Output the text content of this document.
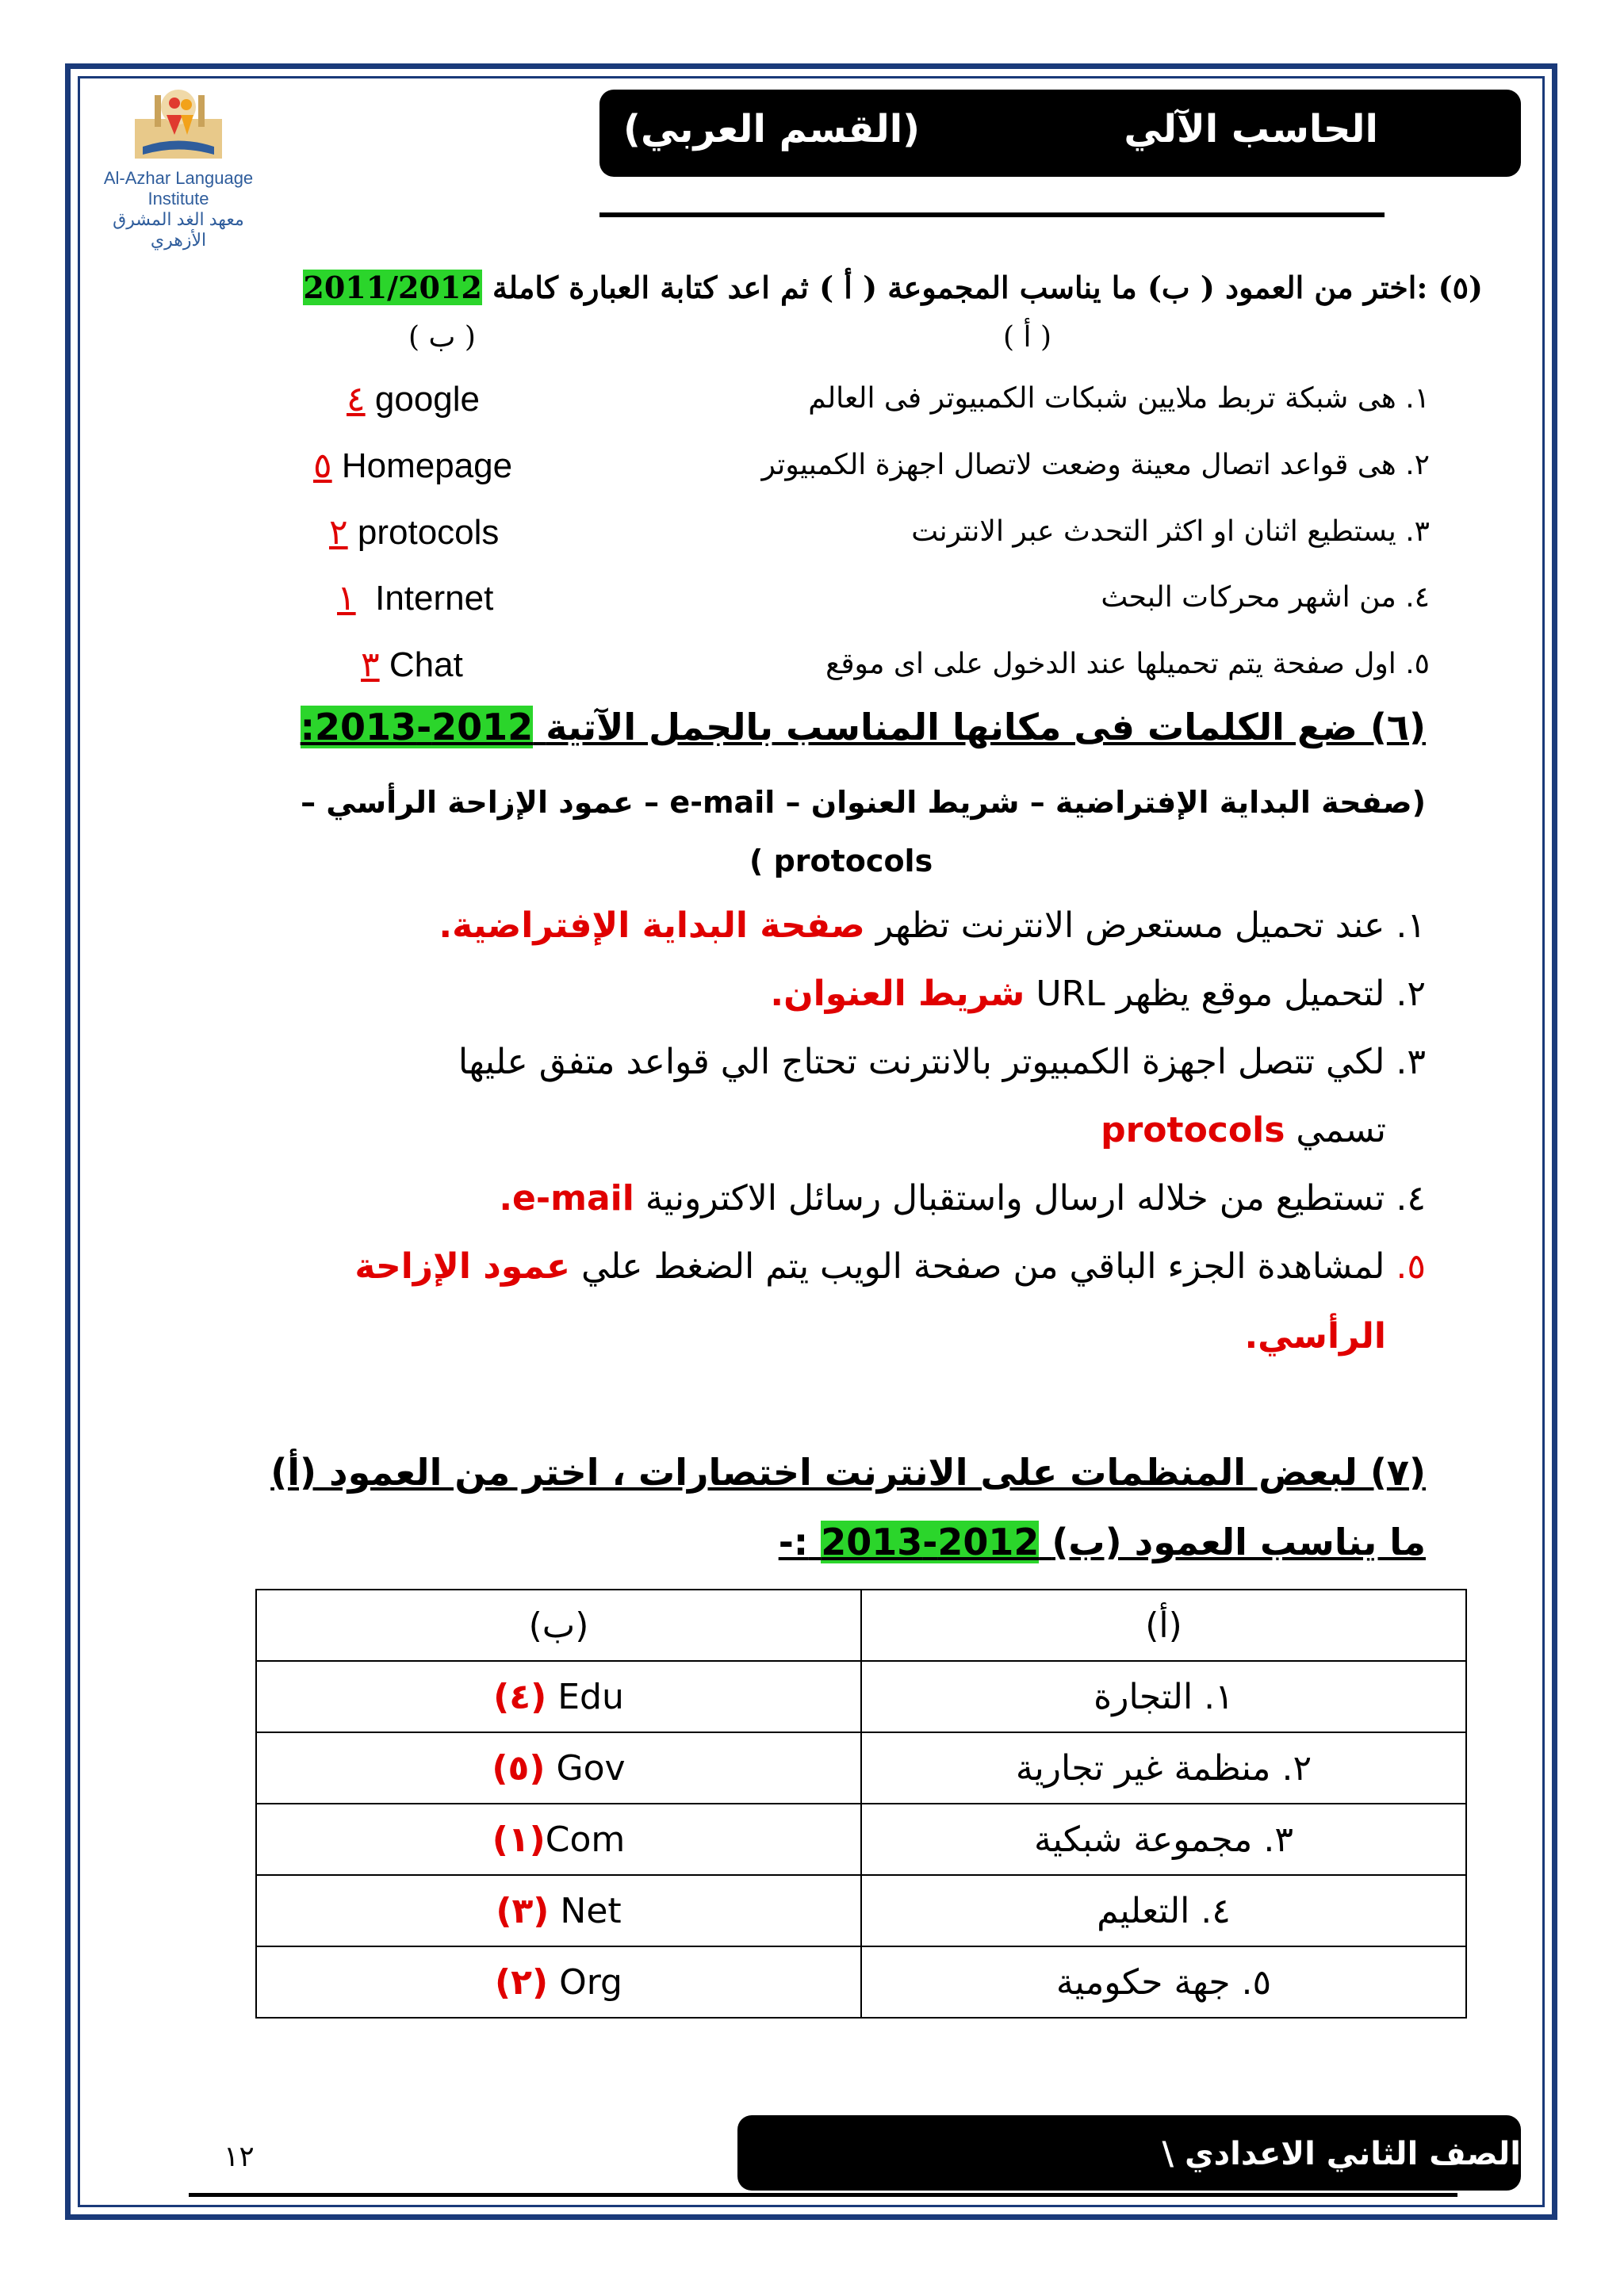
Al-Azhar Language Institute
معهد الغد المشرق الأزهري
الحاسب الآلي
(القسم العربي)
(٥) :اختر من العمود ( ب) ما يناسب المجموعة ( أ ) ثم اعد كتابة العبارة كاملة 2011/2012
( أ )
( ب )
١. هى شبكة تربط ملايين شبكات الكمبيوتر فى العالم
٤ google
٢. هى قواعد اتصال معينة وضعت لاتصال اجهزة الكمبيوتر
٥ Homepage
٣. يستطيع اثنان او اكثر التحدث عبر الانترنت
٢ protocols
٤. من اشهر محركات البحث
١ Internet
٥. اول صفحة يتم تحميلها عند الدخول على اى موقع
٣ Chat
(٦) ضع الكلمات فى مكانها المناسب بالجمل الآتية 2012-2013:
(صفحة البداية الإفتراضية – شريط العنوان – e-mail – عمود الإزاحة الرأسي –
( protocols
١. عند تحميل مستعرض الانترنت تظهر صفحة البداية الإفتراضية.
٢. لتحميل موقع يظهر URL شريط العنوان.
٣. لكي تتصل اجهزة الكمبيوتر بالانترنت تحتاج الي قواعد متفق عليها
تسمي protocols
٤. تستطيع من خلاله ارسال واستقبال رسائل الاكترونية e-mail.
٥. لمشاهدة الجزء الباقي من صفحة الويب يتم الضغط علي عمود الإزاحة
الرأسي.
(٧) لبعض المنظمات على الانترنت اختصارات ، اختر من العمود (أ)
ما يناسب العمود (ب) 2012-2013 :-
(ب)	(أ)
(٤) Edu	١. التجارة
(٥) Gov	٢. منظمة غير تجارية
(١)Com	٣. مجموعة شبكية
(٣) Net	٤. التعليم
(٢) Org	٥. جهة حكومية
الصف الثاني الاعدادي \
١٢
